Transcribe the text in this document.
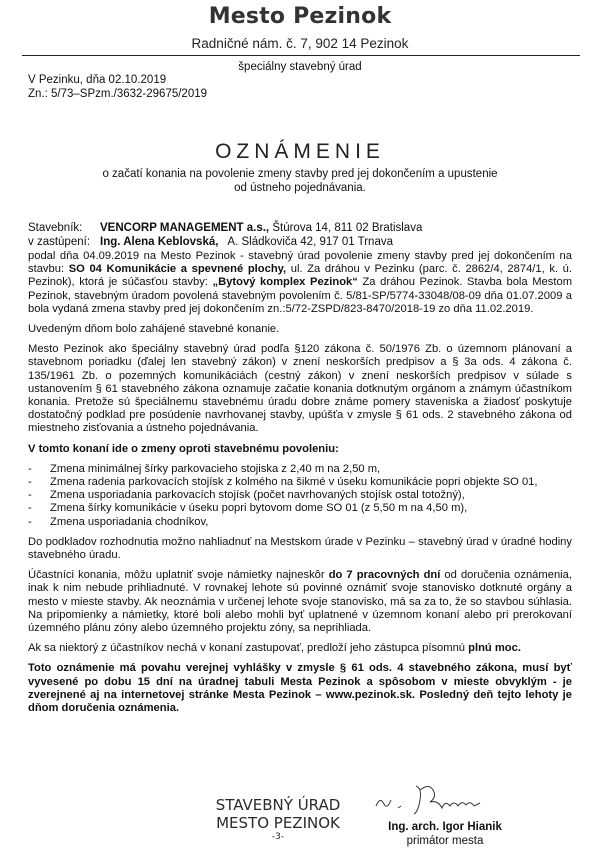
Mesto Pezinok
Radničné nám. č. 7, 902 14 Pezinok
špeciálny stavebný úrad
V Pezinku, dňa 02.10.2019
Zn.: 5/73–SPzm./3632-29675/2019
OZNÁMENIE
o začatí konania na povolenie zmeny stavby pred jej dokončením a upustenie od ústneho pojednávania.
Stavebník: VENCORP MANAGEMENT a.s., Štúrova 14, 811 02 Bratislava
v zastúpení: Ing. Alena Keblovská, A. Sládkoviča 42, 917 01 Trnava

podal dňa 04.09.2019 na Mesto Pezinok - stavebný úrad povolenie zmeny stavby pred jej dokončením na stavbu: SO 04 Komunikácie a spevnené plochy, ul. Za dráhou v Pezinku (parc. č. 2862/4, 2874/1, k. ú. Pezinok), ktorá je súčasťou stavby: „Bytový komplex Pezinok“ Za dráhou Pezinok. Stavba bola Mestom Pezinok, stavebným úradom povolená stavebným povolením č. 5/81-SP/5774-33048/08-09 dňa 01.07.2009 a bola vydaná zmena stavby pred jej dokončením zn.:5/72-ZSPD/823-8470/2018-19 zo dňa 11.02.2019.

Uvedeným dňom bolo zahájené stavebné konanie.

Mesto Pezinok ako špeciálny stavebný úrad podľa §120 zákona č. 50/1976 Zb. o územnom plánovaní a stavebnom poriadku (ďalej len stavebný zákon) v znení neskorších predpisov a § 3a ods. 4 zákona č. 135/1961 Zb. o pozemných komunikáciách (cestný zákon) v znení neskorších predpisov v súlade s ustanovením § 61 stavebného zákona oznamuje začatie konania dotknutým orgánom a známym účastníkom konania. Pretože sú špeciálnemu stavebnému úradu dobre známe pomery staveniska a žiadosť poskytuje dostatočný podklad pre posúdenie navrhovanej stavby, upúšťa v zmysle § 61 ods. 2 stavebného zákona od miestneho zisťovania a ústneho pojednávania.

V tomto konaní ide o zmeny oproti stavebnému povoleniu:

-	Zmena minimálnej šírky parkovacieho stojiska z 2,40 m na 2,50 m,
-	Zmena radenia parkovacích stojísk z kolmého na šikmé v úseku komunikácie popri objekte SO 01,
-	Zmena usporiadania parkovacích stojísk (počet navrhovaných stojísk ostal totožný),
-	Zmena šírky komunikácie v úseku popri bytovom dome SO 01 (z 5,50 m na 4,50 m),
-	Zmena usporiadania chodníkov,

Do podkladov rozhodnutia možno nahliadnuť na Mestskom úrade v Pezinku – stavebný úrad v úradné hodiny stavebného úradu.

Účastníci konania, môžu uplatniť svoje námietky najneskôr do 7 pracovných dní od doručenia oznámenia, inak k nim nebude prihliadnuté. V rovnakej lehote sú povinné oznámiť svoje stanovisko dotknuté orgány a mesto v mieste stavby. Ak neoznámia v určenej lehote svoje stanovisko, má sa za to, že so stavbou súhlasia. Na pripomienky a námietky, ktoré boli alebo mohli byť uplatnené v územnom konaní alebo pri prerokovaní územného plánu zóny alebo územného projektu zóny, sa neprihliada.

Ak sa niektorý z účastníkov nechá v konaní zastupovať, predloží jeho zástupca písomnú plnú moc.

Toto oznámenie má povahu verejnej vyhlášky v zmysle § 61 ods. 4 stavebného zákona, musí byť vyvesené po dobu 15 dní na úradnej tabuli Mesta Pezinok a spôsobom v mieste obvyklým - je zverejnené aj na internetovej stránke Mesta Pezinok – www.pezinok.sk. Posledný deň tejto lehoty je dňom doručenia oznámenia.

STAVEBNÝ ÚRAD
MESTO PEZINOK
-3-
Ing. arch. Igor Hianik
primátor mesta
